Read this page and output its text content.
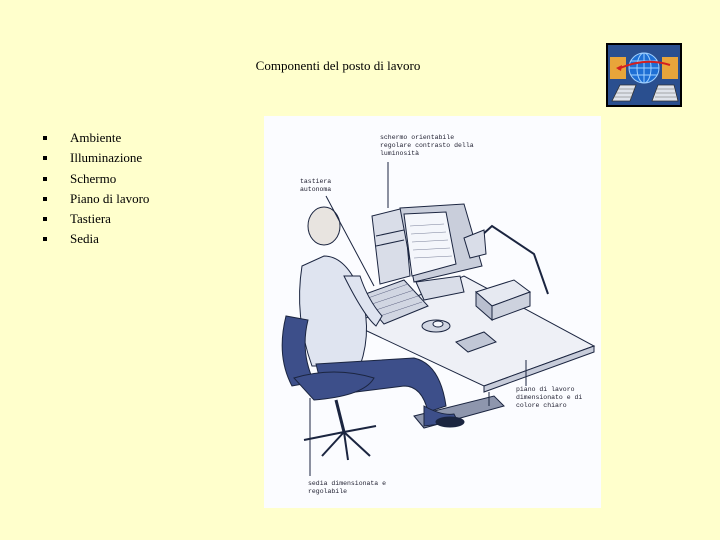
Componenti del posto di lavoro
Ambiente
Illuminazione
Schermo
Piano di lavoro
Tastiera
Sedia
schermo orientabile
regolare contrasto della
luminosità
tastiera
autonoma
piano di lavoro
dimensionato e di
colore chiaro
sedia dimensionata e
regolabile
